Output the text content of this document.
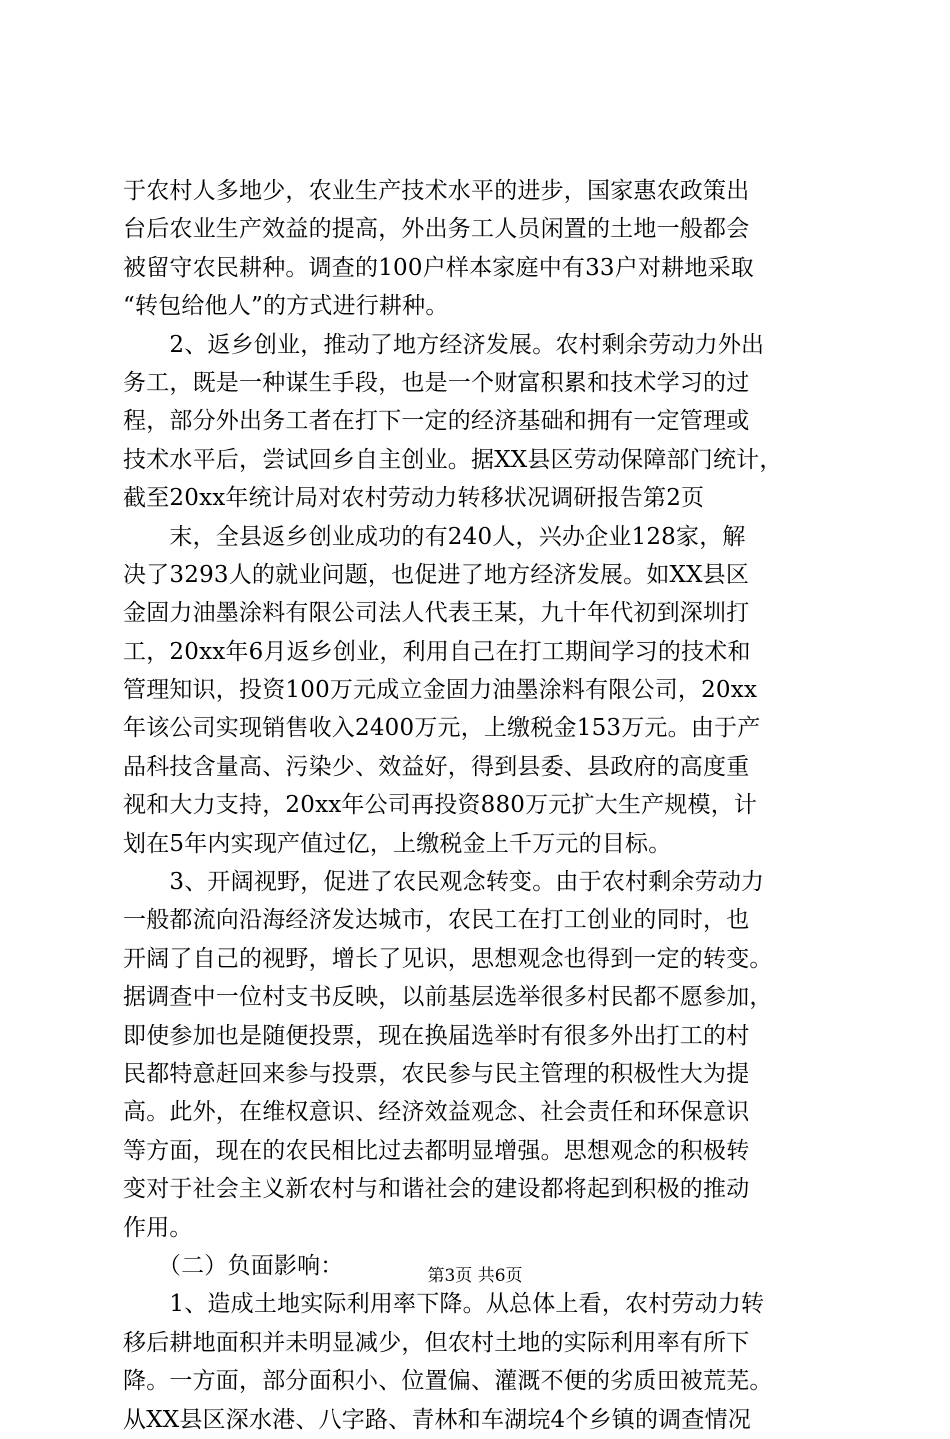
于农村人多地少，农业生产技术水平的进步，国家惠农政策出
台后农业生产效益的提高，外出务工人员闲置的土地一般都会
被留守农民耕种。调查的100户样本家庭中有33户对耕地采取
“转包给他人”的方式进行耕种。
　　2、返乡创业，推动了地方经济发展。农村剩余劳动力外出
务工，既是一种谋生手段，也是一个财富积累和技术学习的过
程，部分外出务工者在打下一定的经济基础和拥有一定管理或
技术水平后，尝试回乡自主创业。据XX县区劳动保障部门统计，
截至20xx年统计局对农村劳动力转移状况调研报告第2页
　　末，全县返乡创业成功的有240人，兴办企业128家，解
决了3293人的就业问题，也促进了地方经济发展。如XX县区
金固力油墨涂料有限公司法人代表王某，九十年代初到深圳打
工，20xx年6月返乡创业，利用自己在打工期间学习的技术和
管理知识，投资100万元成立金固力油墨涂料有限公司，20xx
年该公司实现销售收入2400万元，上缴税金153万元。由于产
品科技含量高、污染少、效益好，得到县委、县政府的高度重
视和大力支持，20xx年公司再投资880万元扩大生产规模，计
划在5年内实现产值过亿，上缴税金上千万元的目标。
　　3、开阔视野，促进了农民观念转变。由于农村剩余劳动力
一般都流向沿海经济发达城市，农民工在打工创业的同时，也
开阔了自己的视野，增长了见识，思想观念也得到一定的转变。
据调查中一位村支书反映，以前基层选举很多村民都不愿参加，
即使参加也是随便投票，现在换届选举时有很多外出打工的村
民都特意赶回来参与投票，农民参与民主管理的积极性大为提
高。此外，在维权意识、经济效益观念、社会责任和环保意识
等方面，现在的农民相比过去都明显增强。思想观念的积极转
变对于社会主义新农村与和谐社会的建设都将起到积极的推动
作用。
　　（二）负面影响：
　　1、造成土地实际利用率下降。从总体上看，农村劳动力转
移后耕地面积并未明显减少，但农村土地的实际利用率有所下
降。一方面，部分面积小、位置偏、灌溉不便的劣质田被荒芜。
从XX县区深水港、八字路、青林和车湖垸4个乡镇的调查情况
第3页 共6页
